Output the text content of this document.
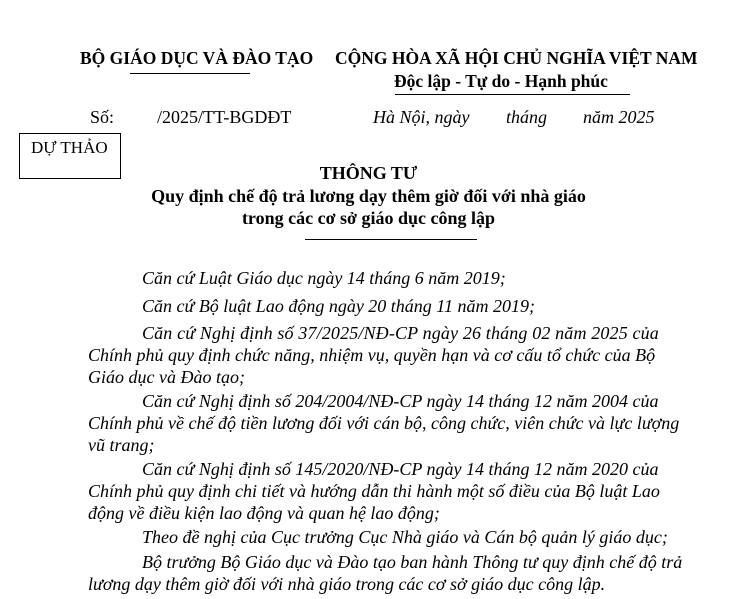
BỘ GIÁO DỤC VÀ ĐÀO TẠO CỘNG HÒA XÃ HỘI CHỦ NGHĨA VIỆT NAM
Độc lập - Tự do - Hạnh phúc
Số: /2025/TT-BGDĐT	Hà Nội, ngày tháng năm 2025
DỰ THẢO
THÔNG TƯ
Quy định chế độ trả lương dạy thêm giờ đối với nhà giáo
trong các cơ sở giáo dục công lập
Căn cứ Luật Giáo dục ngày 14 tháng 6 năm 2019;
Căn cứ Bộ luật Lao động ngày 20 tháng 11 năm 2019;
Căn cứ Nghị định số 37/2025/NĐ-CP ngày 26 tháng 02 năm 2025 của
Chính phủ quy định chức năng, nhiệm vụ, quyền hạn và cơ cấu tổ chức của Bộ
Giáo dục và Đào tạo;
Căn cứ Nghị định số 204/2004/NĐ-CP ngày 14 tháng 12 năm 2004 của
Chính phủ về chế độ tiền lương đối với cán bộ, công chức, viên chức và lực lượng
vũ trang;
Căn cứ Nghị định số 145/2020/NĐ-CP ngày 14 tháng 12 năm 2020 của
Chính phủ quy định chi tiết và hướng dẫn thi hành một số điều của Bộ luật Lao
động về điều kiện lao động và quan hệ lao động;
Theo đề nghị của Cục trưởng Cục Nhà giáo và Cán bộ quản lý giáo dục;
Bộ trưởng Bộ Giáo dục và Đào tạo ban hành Thông tư quy định chế độ trả
lương dạy thêm giờ đối với nhà giáo trong các cơ sở giáo dục công lập.
